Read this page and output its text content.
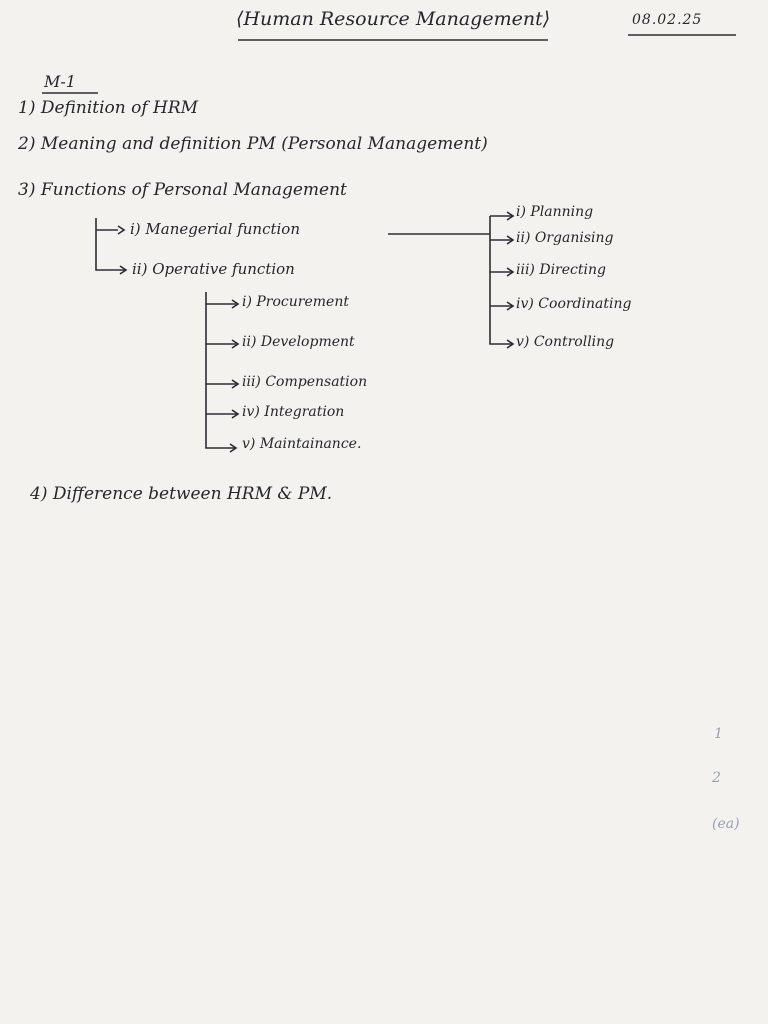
⟨Human Resource Management⟩	08.02.25
M-1
1) Definition of HRM
2) Meaning and definition PM (Personal Management)
3) Functions of Personal Management
i) Manegerial function
ii) Operative function
i) Planning
ii) Organising
iii) Directing
iv) Coordinating
v) Controlling
i) Procurement
ii) Development
iii) Compensation
iv) Integration
v) Maintainance.
4) Difference between HRM & PM.
1
2
(ea)
